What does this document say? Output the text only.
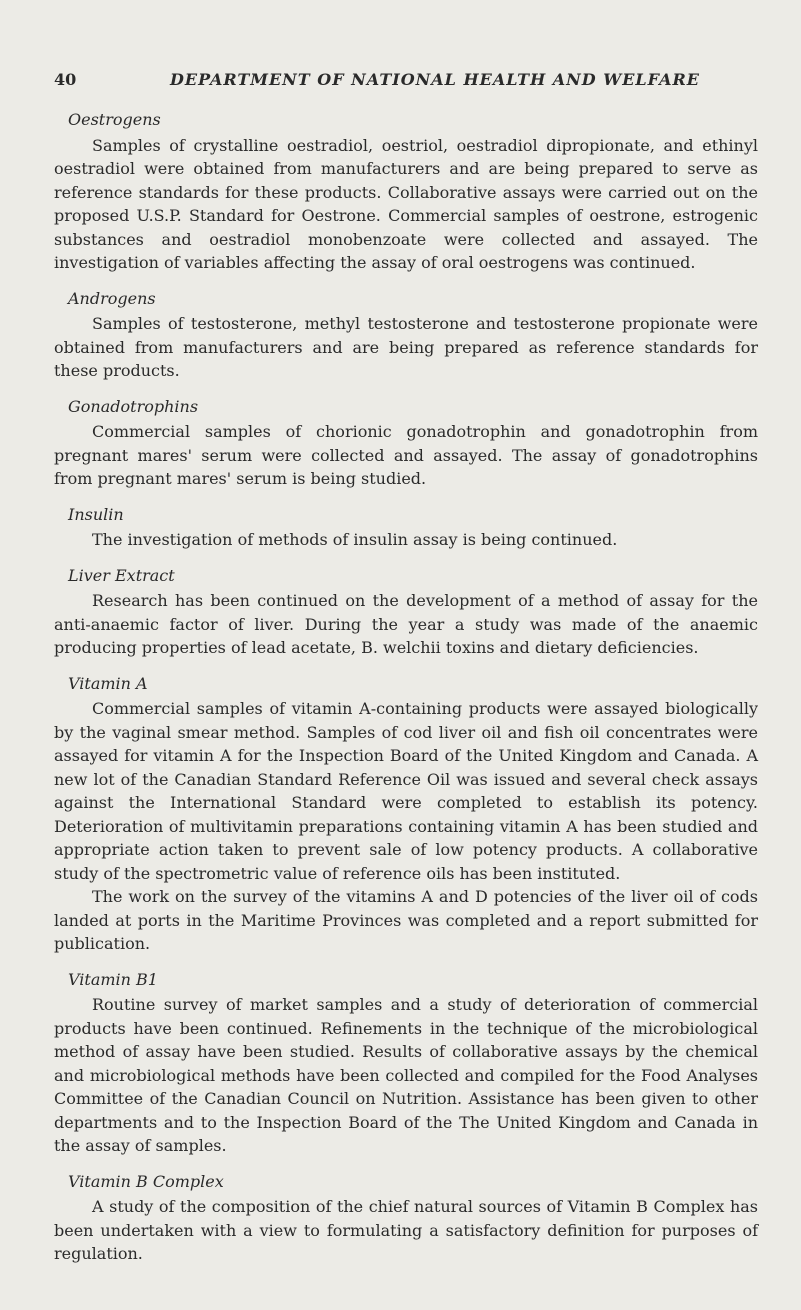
40	DEPARTMENT OF NATIONAL HEALTH AND WELFARE
Oestrogens

Samples of crystalline oestradiol, oestriol, oestradiol dipropionate, and ethinyl oestradiol were obtained from manufacturers and are being prepared to serve as reference standards for these products. Collaborative assays were carried out on the proposed U.S.P. Standard for Oestrone. Commercial samples of oestrone, estrogenic substances and oestradiol monobenzoate were collected and assayed. The investigation of variables affecting the assay of oral oestrogens was continued.

Androgens

Samples of testosterone, methyl testosterone and testosterone propionate were obtained from manufacturers and are being prepared as reference standards for these products.

Gonadotrophins

Commercial samples of chorionic gonadotrophin and gonadotrophin from pregnant mares' serum were collected and assayed. The assay of gonadotrophins from pregnant mares' serum is being studied.

Insulin

The investigation of methods of insulin assay is being continued.

Liver Extract

Research has been continued on the development of a method of assay for the anti-anaemic factor of liver. During the year a study was made of the anaemic producing properties of lead acetate, B. welchii toxins and dietary deficiencies.

Vitamin A

Commercial samples of vitamin A-containing products were assayed biologically by the vaginal smear method. Samples of cod liver oil and fish oil concentrates were assayed for vitamin A for the Inspection Board of the United Kingdom and Canada. A new lot of the Canadian Standard Reference Oil was issued and several check assays against the International Standard were completed to establish its potency. Deterioration of multivitamin preparations containing vitamin A has been studied and appropriate action taken to prevent sale of low potency products. A collaborative study of the spectrometric value of reference oils has been instituted.

The work on the survey of the vitamins A and D potencies of the liver oil of cods landed at ports in the Maritime Provinces was completed and a report submitted for publication.

Vitamin B1

Routine survey of market samples and a study of deterioration of commercial products have been continued. Refinements in the technique of the microbiological method of assay have been studied. Results of collaborative assays by the chemical and microbiological methods have been collected and compiled for the Food Analyses Committee of the Canadian Council on Nutrition. Assistance has been given to other departments and to the Inspection Board of the The United Kingdom and Canada in the assay of samples.

Vitamin B Complex

A study of the composition of the chief natural sources of Vitamin B Complex has been undertaken with a view to formulating a satisfactory definition for purposes of regulation.
